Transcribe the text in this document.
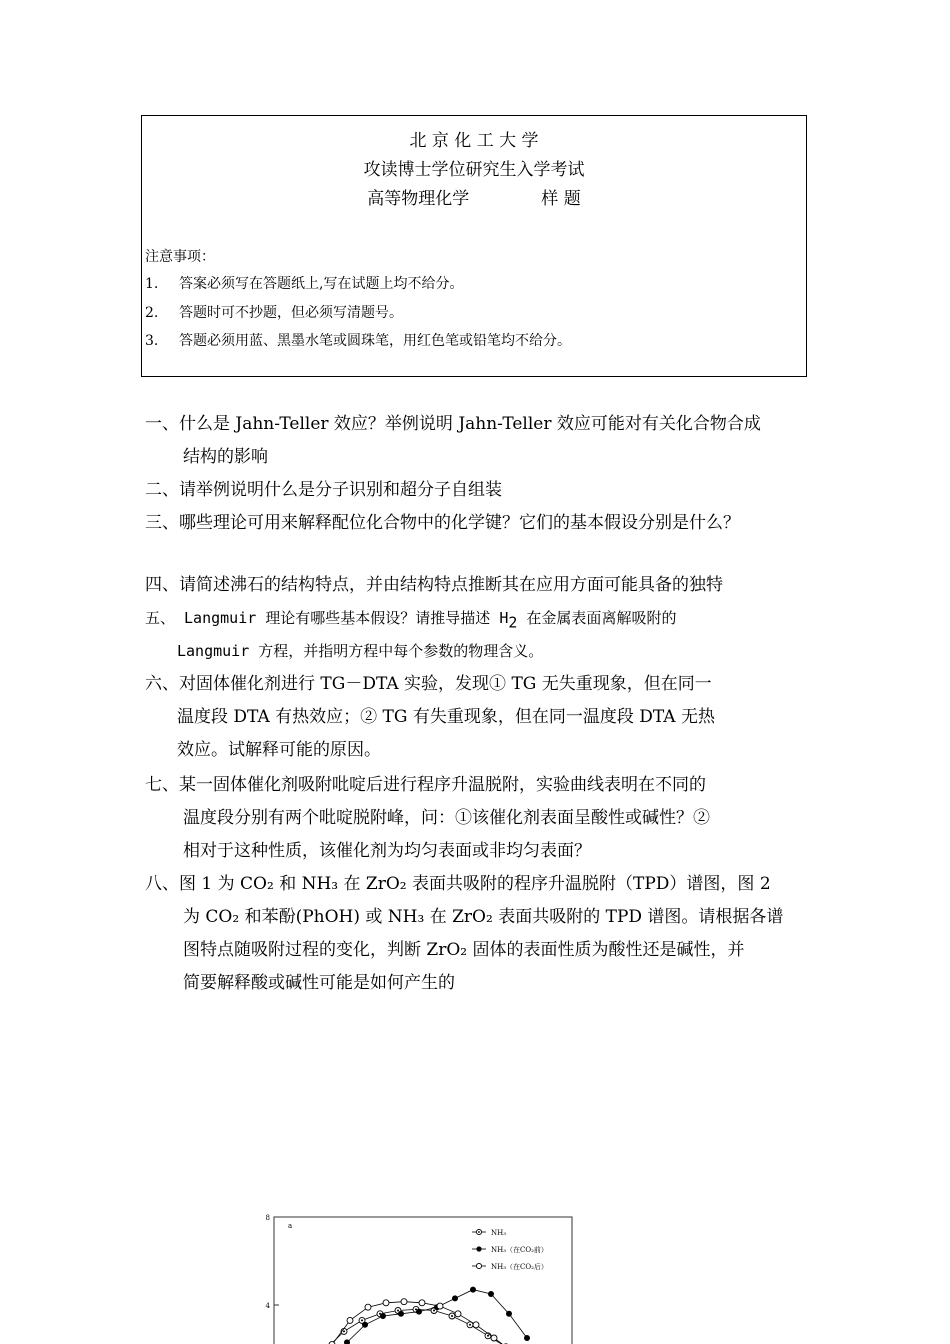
北 京 化 工 大 学
攻读博士学位研究生入学考试
高等物理化学	样 题
注意事项：
1. 答案必须写在答题纸上,写在试题上均不给分。
2. 答题时可不抄题，但必须写清题号。
3. 答题必须用蓝、黑墨水笔或圆珠笔，用红色笔或铅笔均不给分。
一、什么是 Jahn-Teller 效应？举例说明 Jahn-Teller 效应可能对有关化合物合成
结构的影响
二、请举例说明什么是分子识别和超分子自组装
三、哪些理论可用来解释配位化合物中的化学键？它们的基本假设分别是什么？
四、请简述沸石的结构特点，并由结构特点推断其在应用方面可能具备的独特
五、 Langmuir 理论有哪些基本假设？请推导描述 $H_2$ 在金属表面离解吸附的
Langmuir 方程，并指明方程中每个参数的物理含义。
六、对固体催化剂进行 TG－DTA 实验，发现① TG 无失重现象，但在同一
温度段 DTA 有热效应；② TG 有失重现象，但在同一温度段 DTA 无热
效应。试解释可能的原因。
七、某一固体催化剂吸附吡啶后进行程序升温脱附，实验曲线表明在不同的
温度段分别有两个吡啶脱附峰，问：①该催化剂表面呈酸性或碱性？②
相对于这种性质，该催化剂为均匀表面或非均匀表面？
八、图 1 为 CO₂ 和 NH₃ 在 ZrO₂ 表面共吸附的程序升温脱附（TPD）谱图，图 2
为 CO₂ 和苯酚(PhOH) 或 NH₃ 在 ZrO₂ 表面共吸附的 TPD 谱图。请根据各谱
图特点随吸附过程的变化，判断 ZrO₂ 固体的表面性质为酸性还是碱性，并
简要解释酸或碱性可能是如何产生的
8
4
a
NH₃
NH₃（在CO₂前）
NH₃（在CO₂后）
